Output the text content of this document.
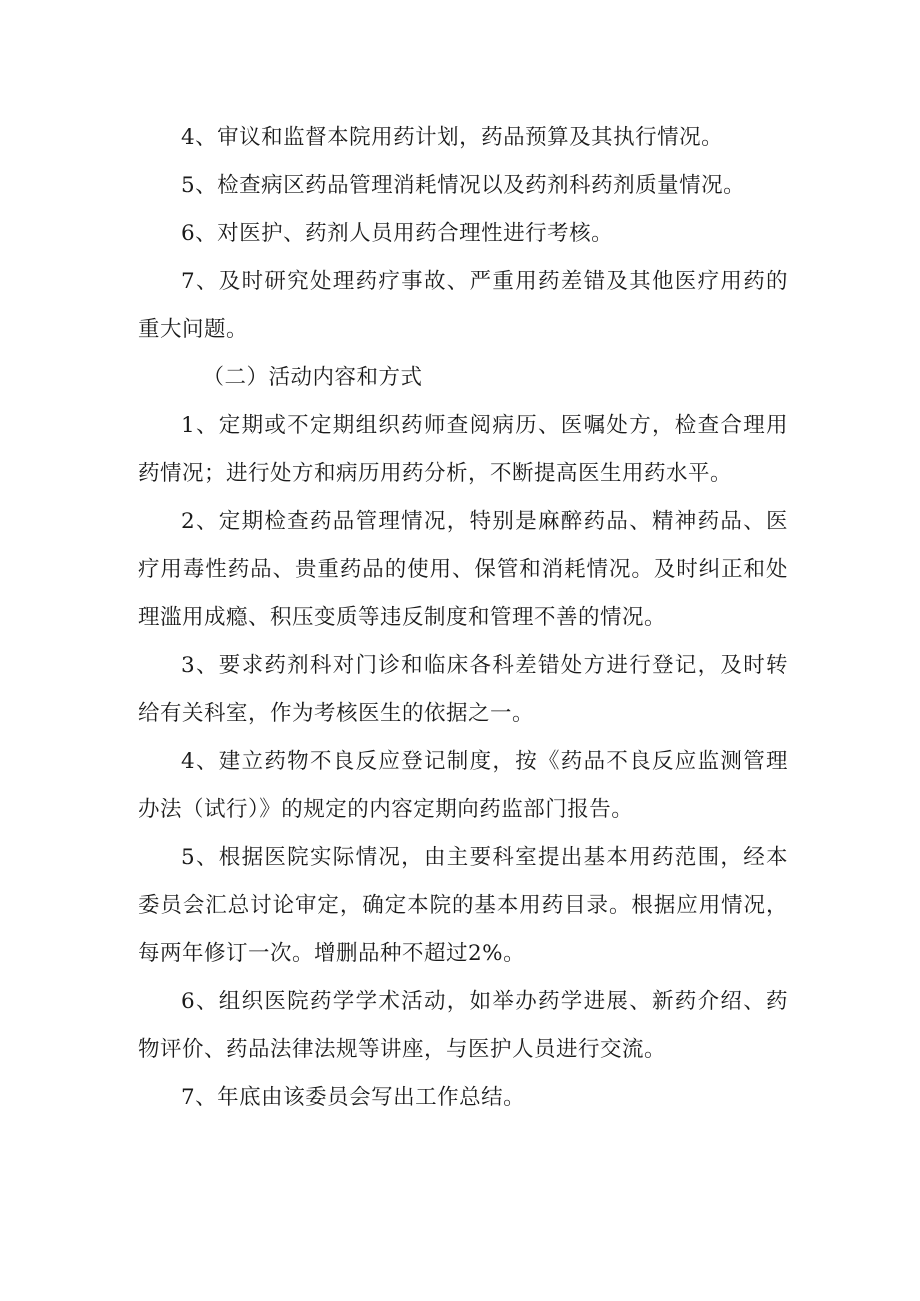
4、审议和监督本院用药计划，药品预算及其执行情况。

5、检查病区药品管理消耗情况以及药剂科药剂质量情况。

6、对医护、药剂人员用药合理性进行考核。

7、及时研究处理药疗事故、严重用药差错及其他医疗用药的重大问题。

（二）活动内容和方式

1、定期或不定期组织药师查阅病历、医嘱处方，检查合理用药情况；进行处方和病历用药分析，不断提高医生用药水平。

2、定期检查药品管理情况，特别是麻醉药品、精神药品、医疗用毒性药品、贵重药品的使用、保管和消耗情况。及时纠正和处理滥用成瘾、积压变质等违反制度和管理不善的情况。

3、要求药剂科对门诊和临床各科差错处方进行登记，及时转给有关科室，作为考核医生的依据之一。

4、建立药物不良反应登记制度，按《药品不良反应监测管理办法（试行）》的规定的内容定期向药监部门报告。

5、根据医院实际情况，由主要科室提出基本用药范围，经本委员会汇总讨论审定，确定本院的基本用药目录。根据应用情况，每两年修订一次。增删品种不超过2%。

6、组织医院药学学术活动，如举办药学进展、新药介绍、药物评价、药品法律法规等讲座，与医护人员进行交流。

7、年底由该委员会写出工作总结。
